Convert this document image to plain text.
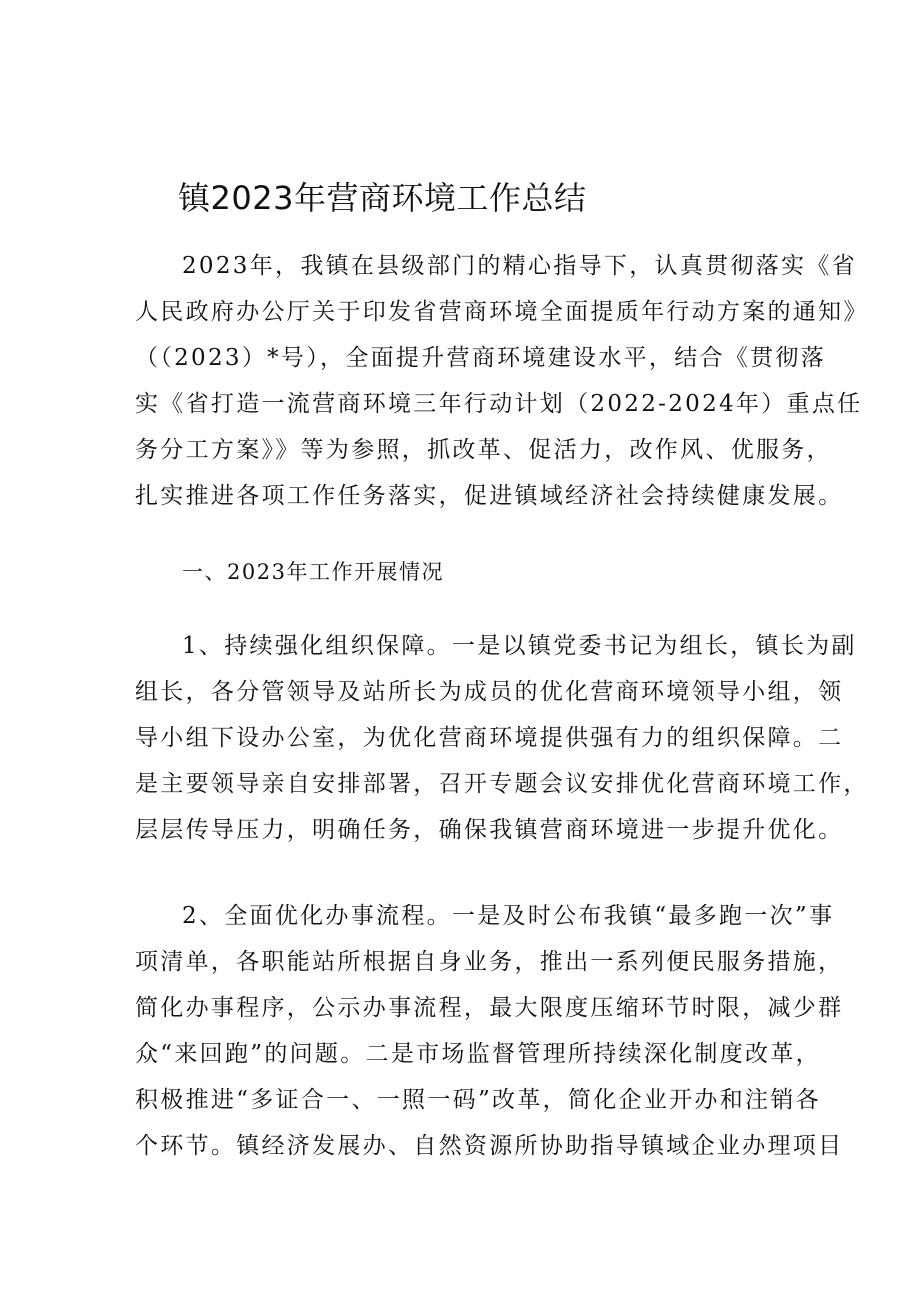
镇2023年营商环境工作总结
2023年，我镇在县级部门的精心指导下，认真贯彻落实《省
人民政府办公厅关于印发省营商环境全面提质年行动方案的通知》
（（2023）*号），全面提升营商环境建设水平，结合《贯彻落
实《省打造一流营商环境三年行动计划（2022-2024年）重点任
务分工方案》》等为参照，抓改革、促活力，改作风、优服务，
扎实推进各项工作任务落实，促进镇域经济社会持续健康发展。
一、2023年工作开展情况
1、持续强化组织保障。一是以镇党委书记为组长，镇长为副
组长，各分管领导及站所长为成员的优化营商环境领导小组，领
导小组下设办公室，为优化营商环境提供强有力的组织保障。二
是主要领导亲自安排部署，召开专题会议安排优化营商环境工作，
层层传导压力，明确任务，确保我镇营商环境进一步提升优化。
2、全面优化办事流程。一是及时公布我镇“最多跑一次”事
项清单，各职能站所根据自身业务，推出一系列便民服务措施，
简化办事程序，公示办事流程，最大限度压缩环节时限，减少群
众“来回跑”的问题。二是市场监督管理所持续深化制度改革，
积极推进“多证合一、一照一码”改革，简化企业开办和注销各
个环节。镇经济发展办、自然资源所协助指导镇域企业办理项目
